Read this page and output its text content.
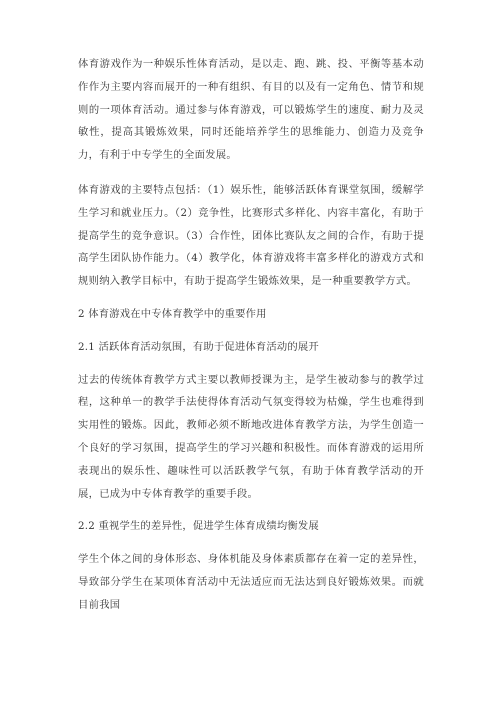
体育游戏作为一种娱乐性体育活动，是以走、跑、跳、投、平衡等基本动作作为主要内容而展开的一种有组织、有目的以及有一定角色、情节和规则的一项体育活动。通过参与体育游戏，可以锻炼学生的速度、耐力及灵敏性，提高其锻炼效果，同时还能培养学生的思维能力、创造力及竞争力，有利于中专学生的全面发展。

体育游戏的主要特点包括：（1）娱乐性，能够活跃体育课堂氛围，缓解学生学习和就业压力。（2）竞争性，比赛形式多样化、内容丰富化，有助于提高学生的竞争意识。（3）合作性，团体比赛队友之间的合作，有助于提高学生团队协作能力。（4）教学化，体育游戏将丰富多样化的游戏方式和规则纳入教学目标中，有助于提高学生锻炼效果，是一种重要教学方式。

2 体育游戏在中专体育教学中的重要作用

2.1 活跃体育活动氛围，有助于促进体育活动的展开

过去的传统体育教学方式主要以教师授课为主，是学生被动参与的教学过程，这种单一的教学手法使得体育活动气氛变得较为枯燥，学生也难得到实用性的锻炼。因此，教师必须不断地改进体育教学方法，为学生创造一个良好的学习氛围，提高学生的学习兴趣和积极性。而体育游戏的运用所表现出的娱乐性、趣味性可以活跃教学气氛，有助于体育教学活动的开展，已成为中专体育教学的重要手段。

2.2 重视学生的差异性，促进学生体育成绩均衡发展

学生个体之间的身体形态、身体机能及身体素质都存在着一定的差异性，导致部分学生在某项体育活动中无法适应而无法达到良好锻炼效果。而就目前我国
